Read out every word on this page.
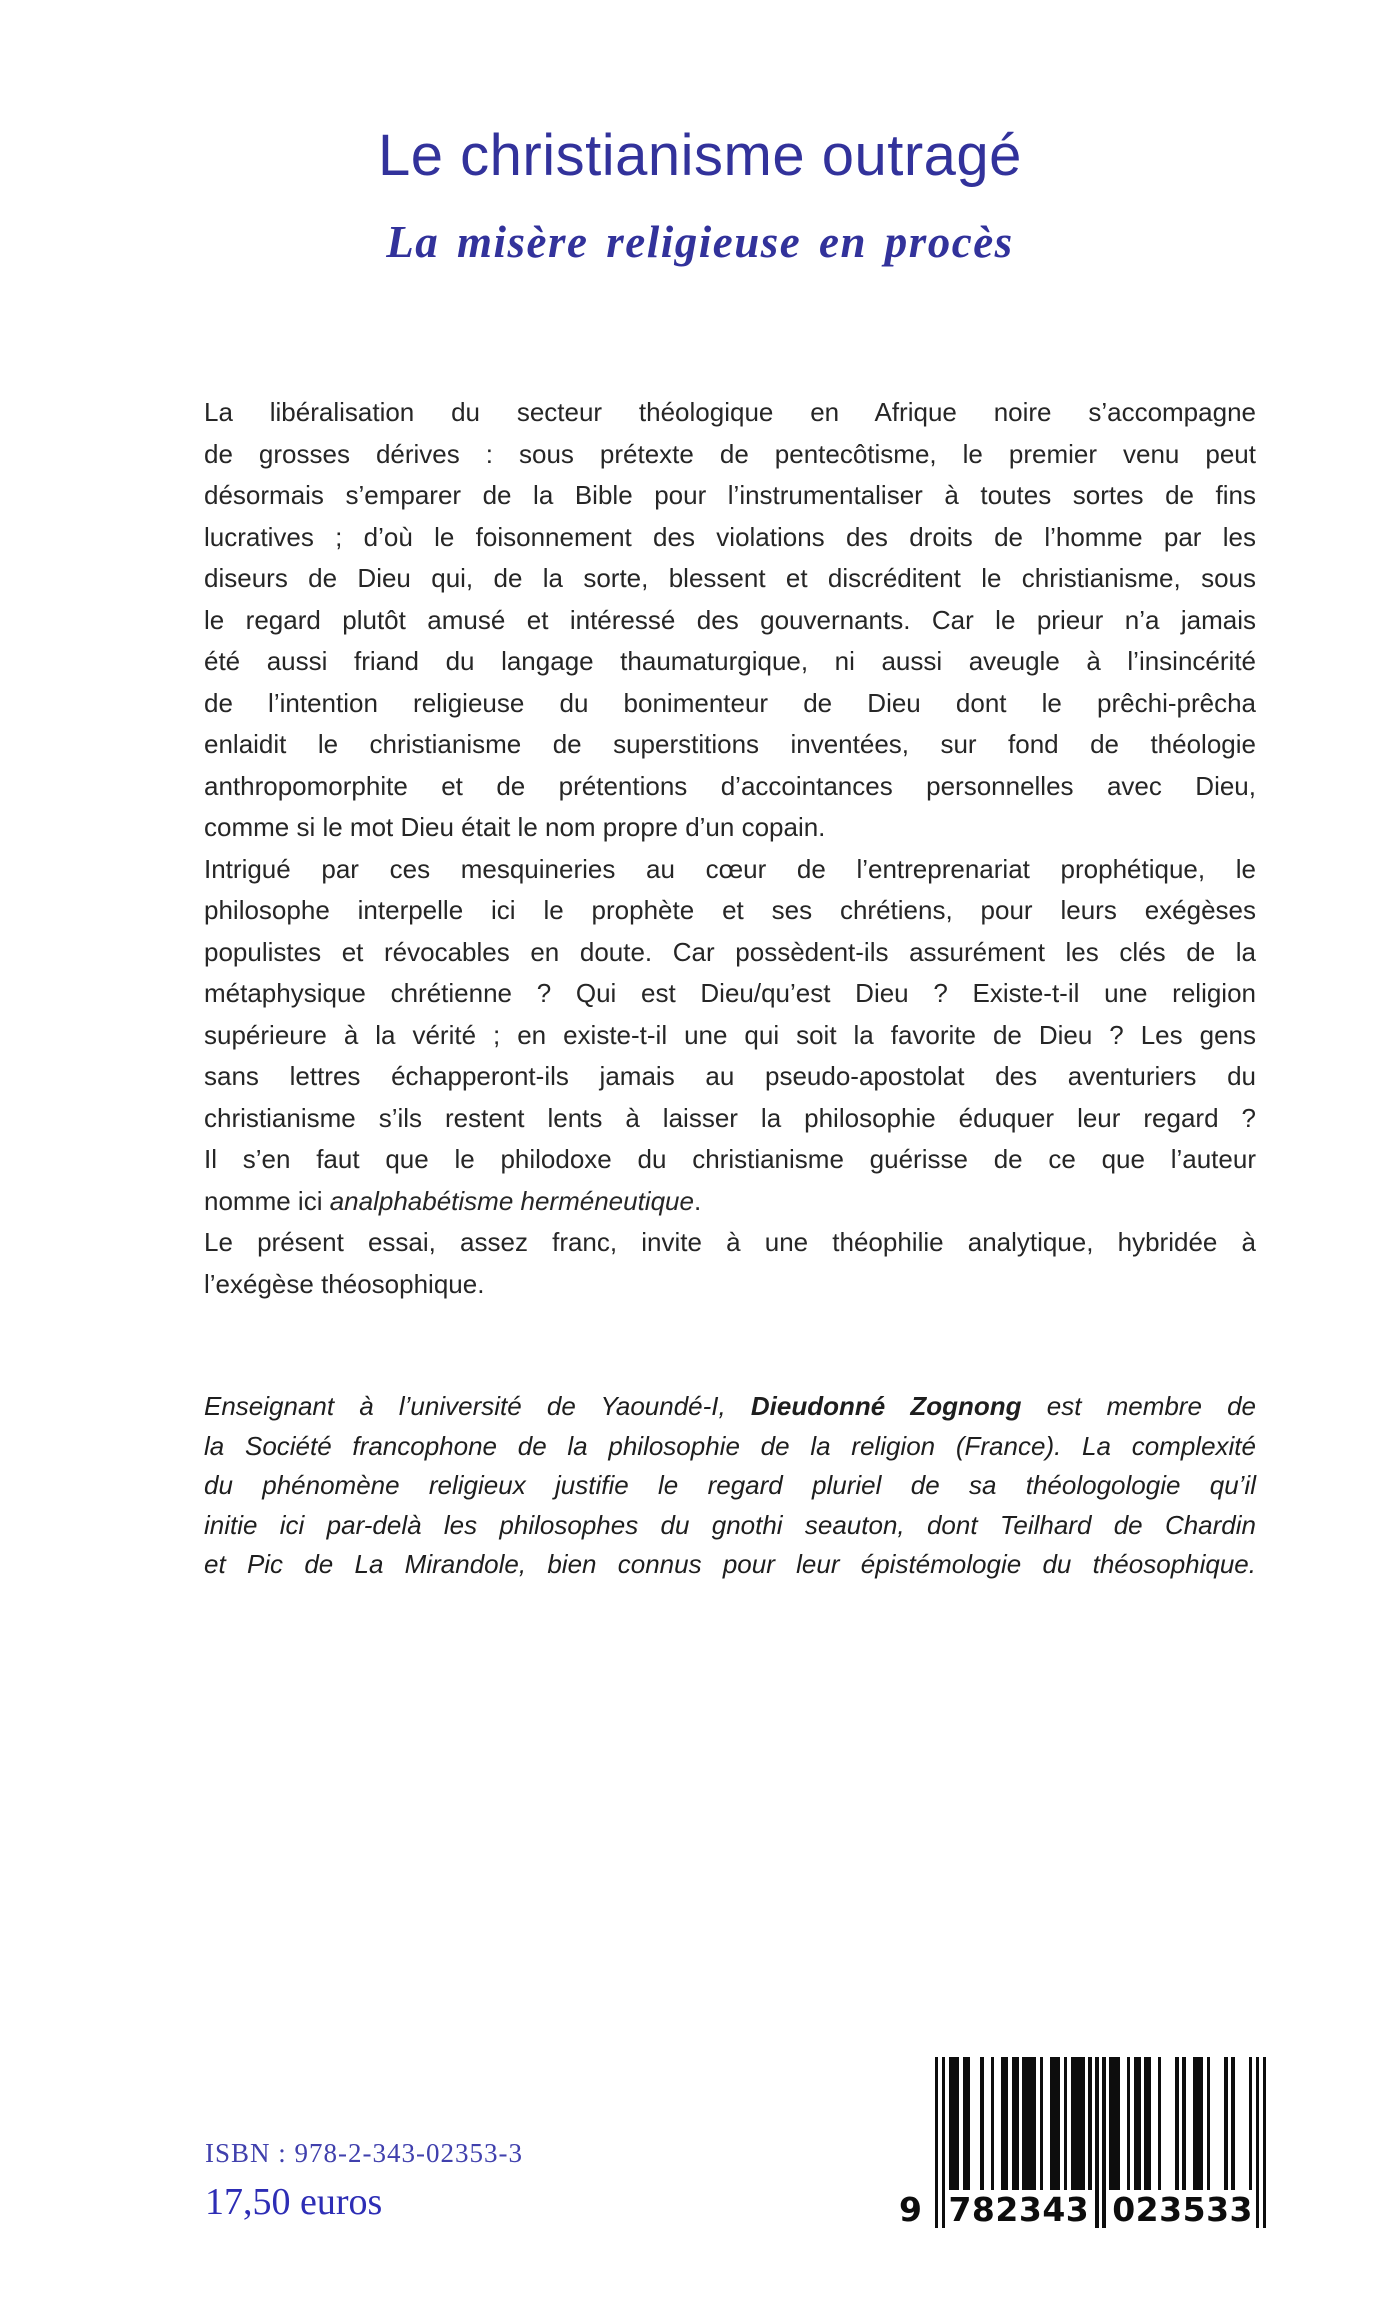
Le christianisme outragé
La misère religieuse en procès
La libéralisation du secteur théologique en Afrique noire s’accompagne
de grosses dérives : sous prétexte de pentecôtisme, le premier venu peut
désormais s’emparer de la Bible pour l’instrumentaliser à toutes sortes de fins
lucratives ; d’où le foisonnement des violations des droits de l’homme par les
diseurs de Dieu qui, de la sorte, blessent et discréditent le christianisme, sous
le regard plutôt amusé et intéressé des gouvernants. Car le prieur n’a jamais
été aussi friand du langage thaumaturgique, ni aussi aveugle à l’insincérité
de l’intention religieuse du bonimenteur de Dieu dont le prêchi-prêcha
enlaidit le christianisme de superstitions inventées, sur fond de théologie
anthropomorphite et de prétentions d’accointances personnelles avec Dieu,
comme si le mot Dieu était le nom propre d’un copain.
Intrigué par ces mesquineries au cœur de l’entreprenariat prophétique, le
philosophe interpelle ici le prophète et ses chrétiens, pour leurs exégèses
populistes et révocables en doute. Car possèdent-ils assurément les clés de la
métaphysique chrétienne ? Qui est Dieu/qu’est Dieu ? Existe-t-il une religion
supérieure à la vérité ; en existe-t-il une qui soit la favorite de Dieu ? Les gens
sans lettres échapperont-ils jamais au pseudo-apostolat des aventuriers du
christianisme s’ils restent lents à laisser la philosophie éduquer leur regard ?
Il s’en faut que le philodoxe du christianisme guérisse de ce que l’auteur
nomme ici analphabétisme herméneutique.
Le présent essai, assez franc, invite à une théophilie analytique, hybridée à
l’exégèse théosophique.
Enseignant à l’université de Yaoundé-I, Dieudonné Zognong est membre de
la Société francophone de la philosophie de la religion (France). La complexité
du phénomène religieux justifie le regard pluriel de sa théologologie qu’il
initie ici par-delà les philosophes du gnothi seauton, dont Teilhard de Chardin
et Pic de La Mirandole, bien connus pour leur épistémologie du théosophique.
ISBN : 978-2-343-02353-3
17,50 euros	9 7 8 2 3 4 3 0 2 3 5 3 3
